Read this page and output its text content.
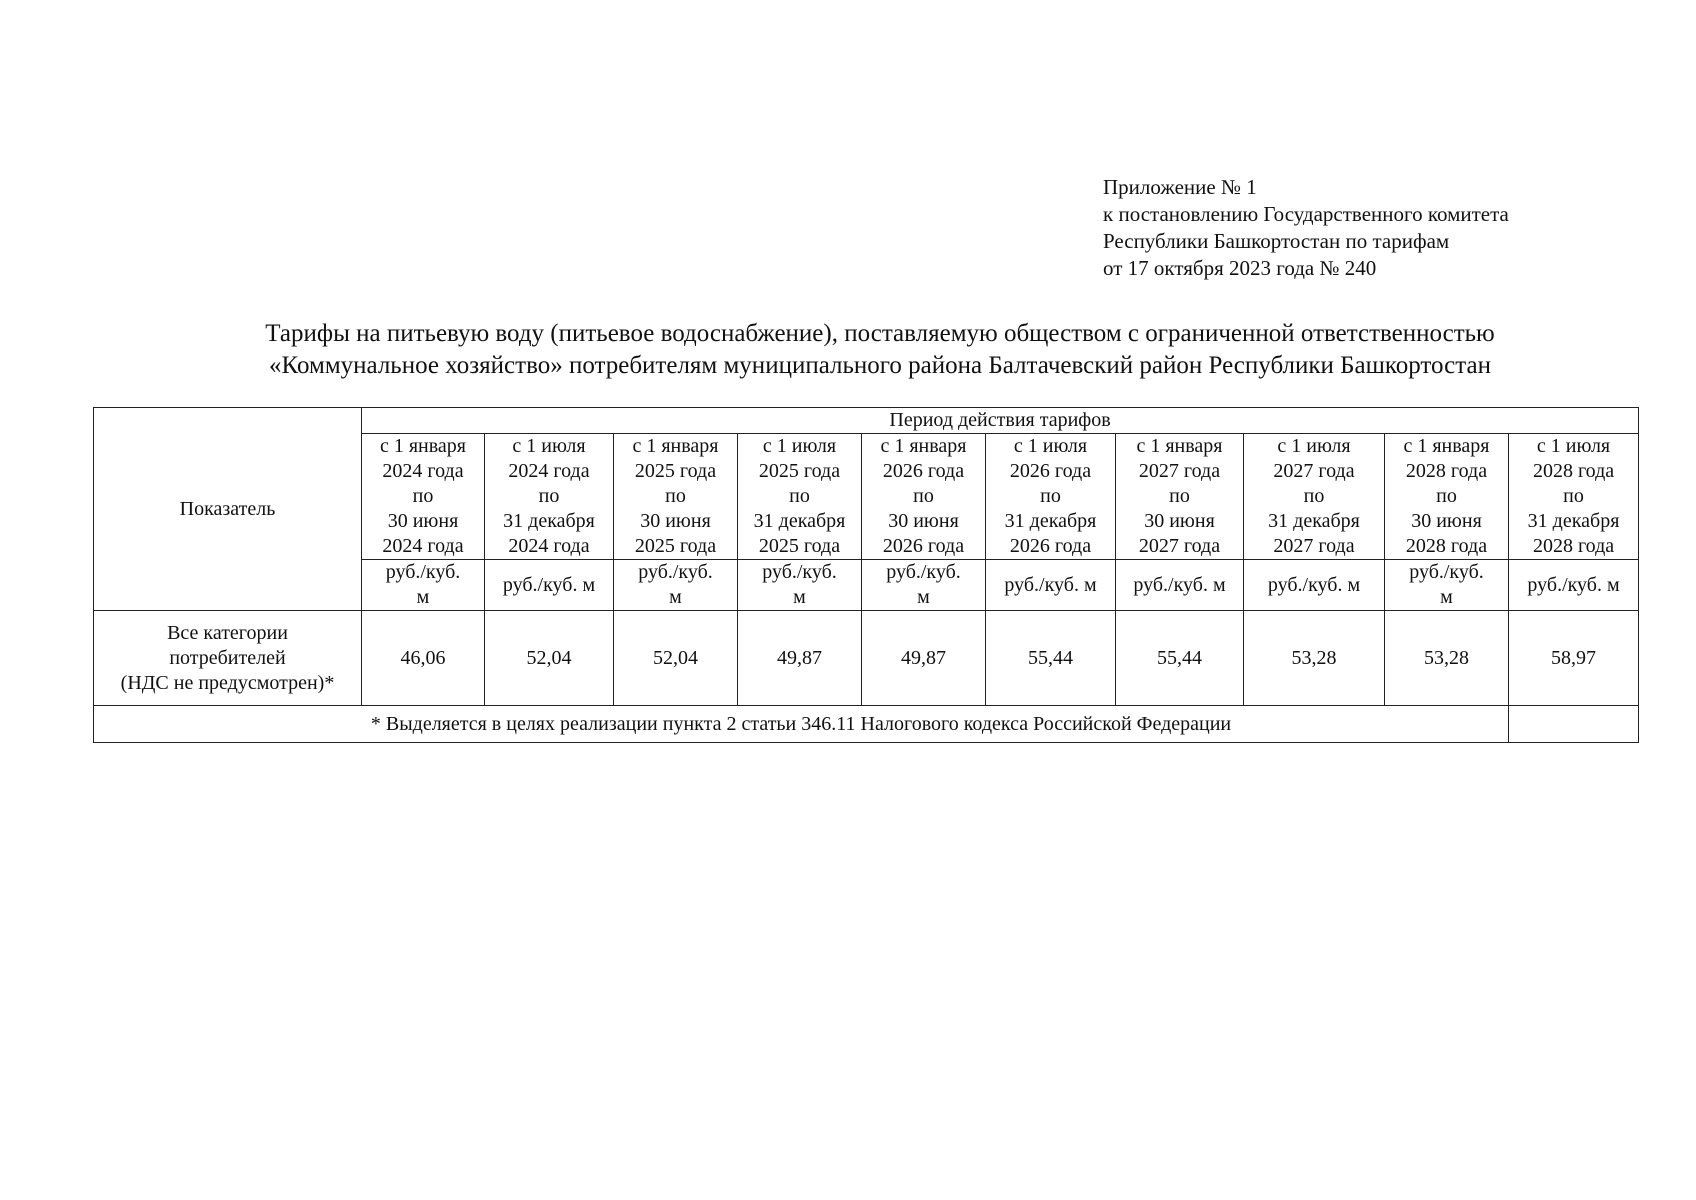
Приложение № 1
к постановлению Государственного комитета
Республики Башкортостан по тарифам
от 17 октября 2023 года № 240
Тарифы на питьевую воду (питьевое водоснабжение), поставляемую обществом с ограниченной ответственностью
«Коммунальное хозяйство» потребителям муниципального района Балтачевский район Республики Башкортостан
Показатель	Период действия тарифов									
	с 1 января
2024 года
по
30 июня
2024 года	с 1 июля
2024 года
по
31 декабря
2024 года	с 1 января
2025 года
по
30 июня
2025 года	с 1 июля
2025 года
по
31 декабря
2025 года	с 1 января
2026 года
по
30 июня
2026 года	с 1 июля
2026 года
по
31 декабря
2026 года	с 1 января
2027 года
по
30 июня
2027 года	с 1 июля
2027 года
по
31 декабря
2027 года	с 1 января
2028 года
по
30 июня
2028 года	с 1 июля
2028 года
по
31 декабря
2028 года
	руб./куб.
м	руб./куб. м	руб./куб.
м	руб./куб.
м	руб./куб.
м	руб./куб. м	руб./куб. м	руб./куб. м	руб./куб.
м	руб./куб. м
Все категории
потребителей
(НДС не предусмотрен)*	46,06	52,04	52,04	49,87	49,87	55,44	55,44	53,28	53,28	58,97
* Выделяется в целях реализации пункта 2 статьи 346.11 Налогового кодекса Российской Федерации										
